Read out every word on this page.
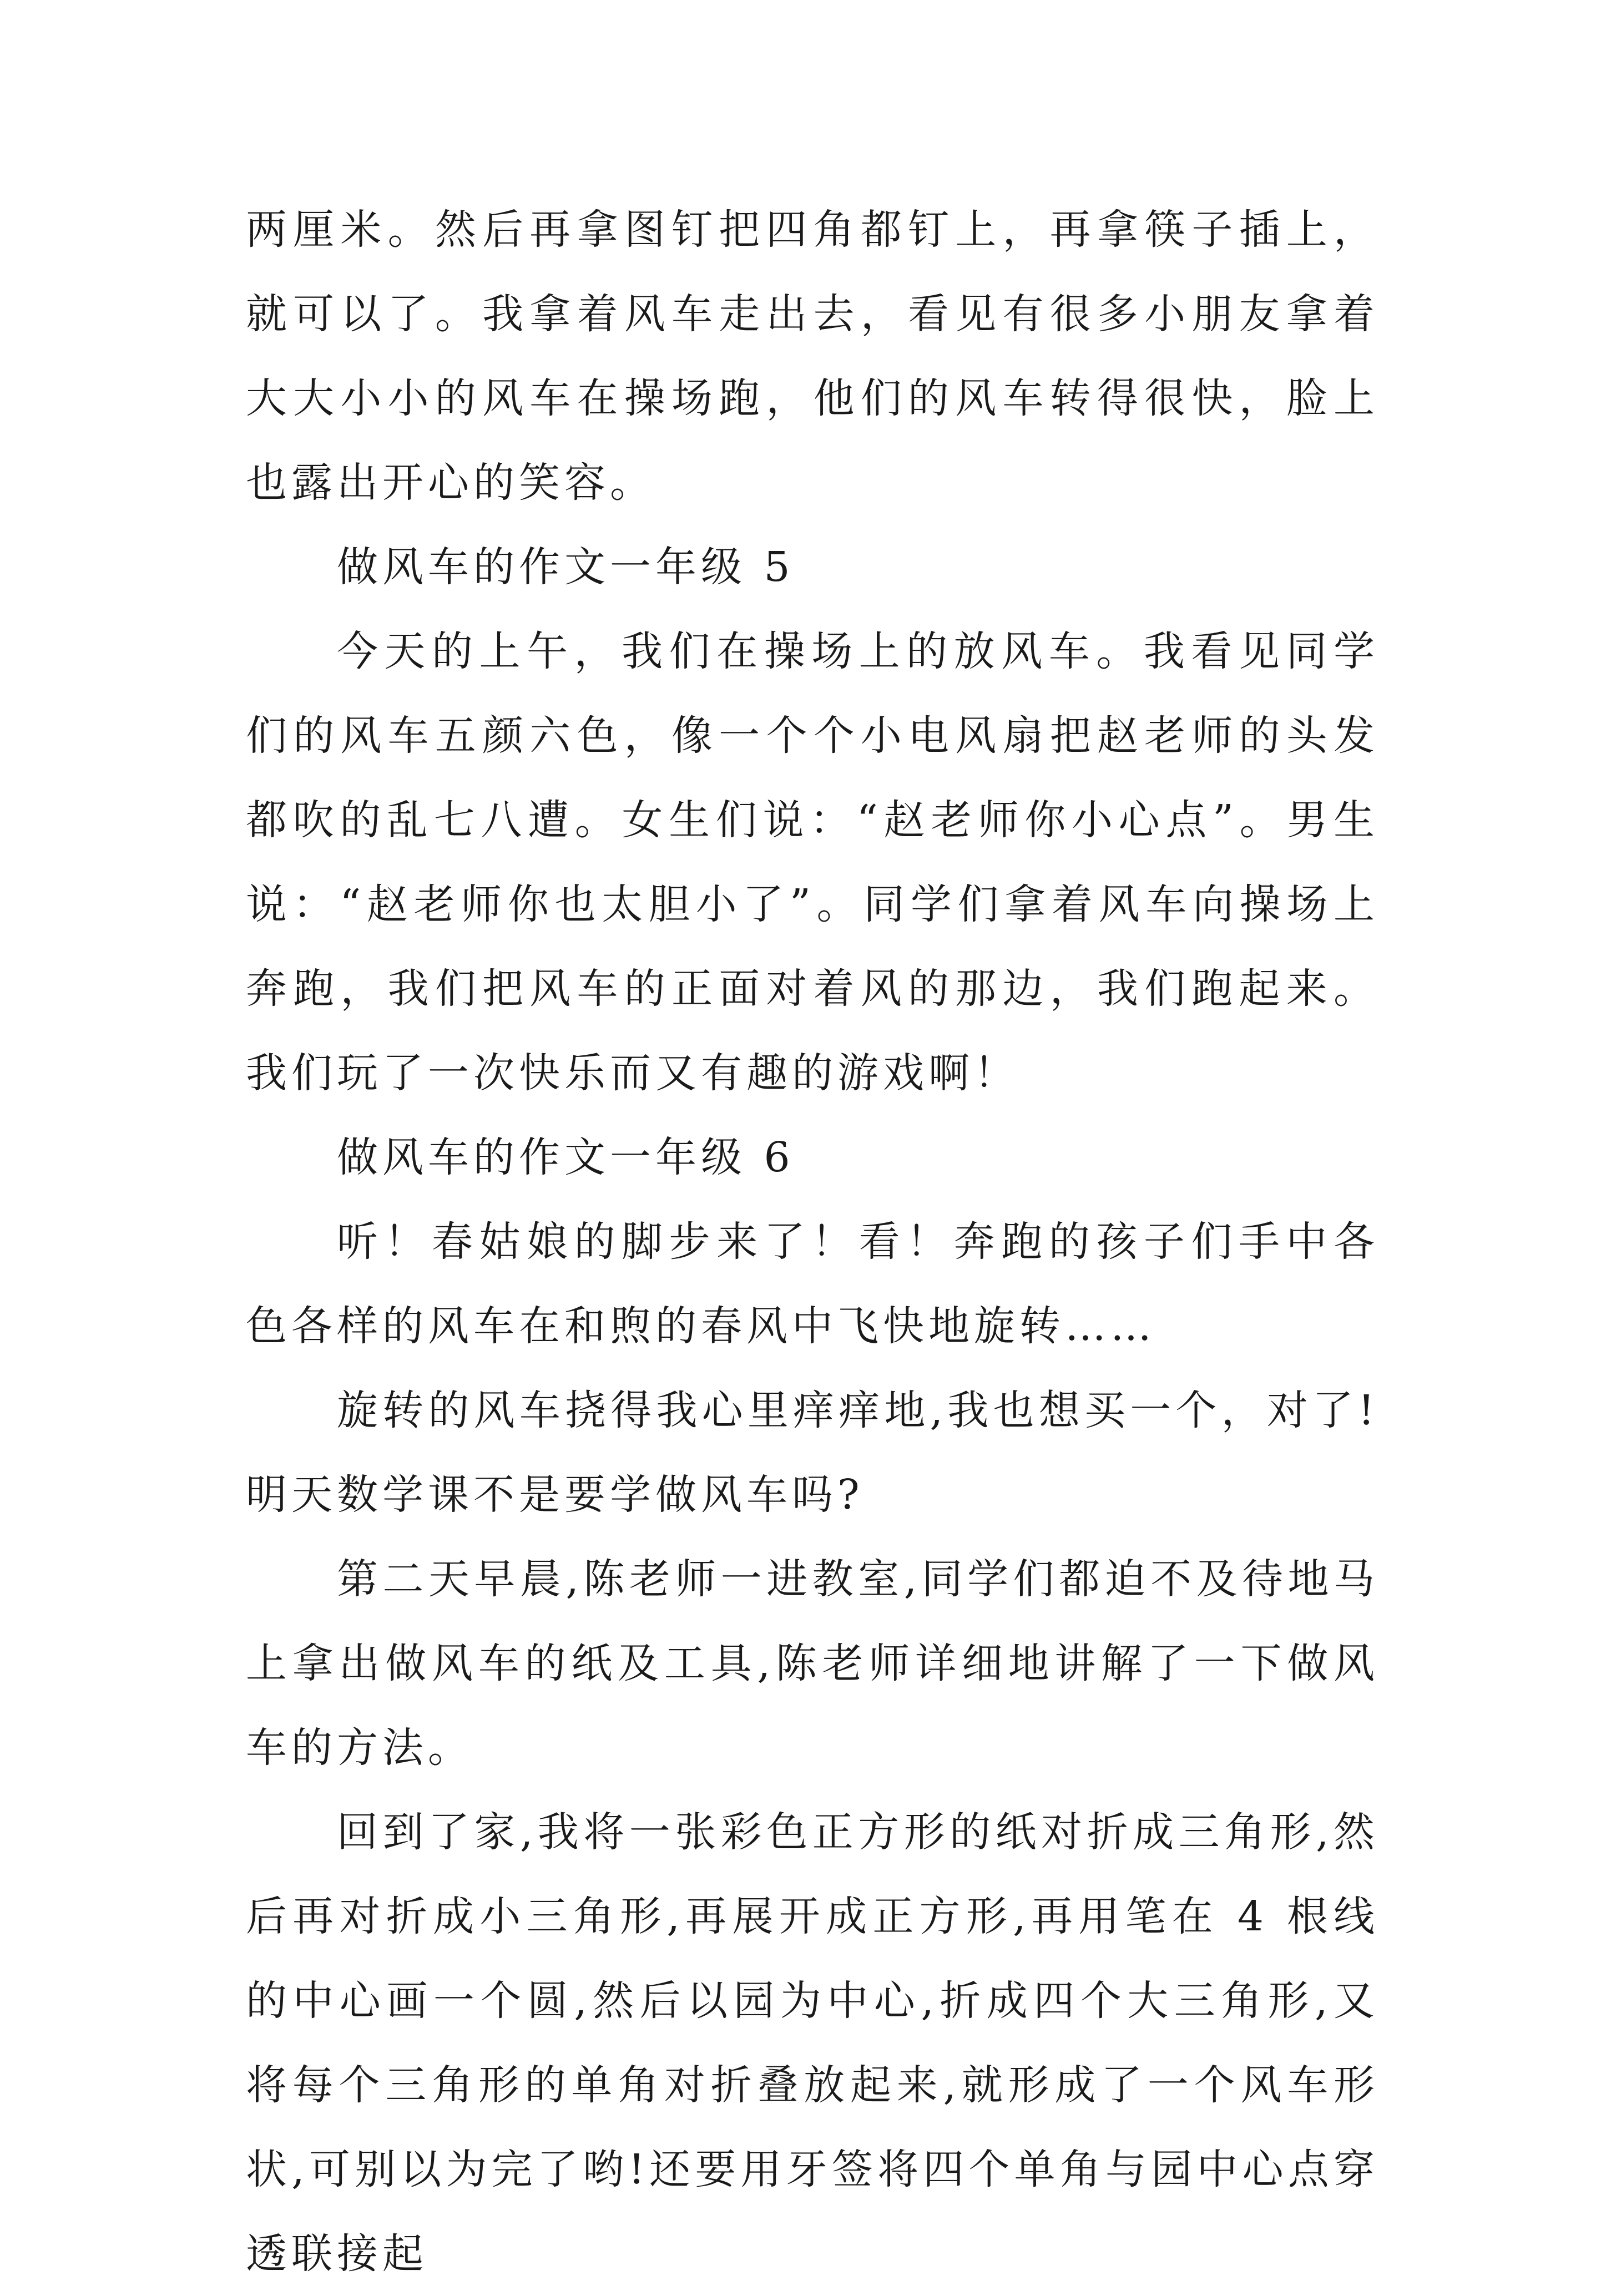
两厘米。然后再拿图钉把四角都钉上，再拿筷子插上，就可以了。我拿着风车走出去，看见有很多小朋友拿着大大小小的风车在操场跑，他们的风车转得很快，脸上也露出开心的笑容。

做风车的作文一年级 5

今天的上午，我们在操场上的放风车。我看见同学们的风车五颜六色，像一个个小电风扇把赵老师的头发都吹的乱七八遭。女生们说：“赵老师你小心点”。男生说：“赵老师你也太胆小了”。同学们拿着风车向操场上奔跑，我们把风车的正面对着风的那边，我们跑起来。我们玩了一次快乐而又有趣的游戏啊！

做风车的作文一年级 6

听！春姑娘的脚步来了！看！奔跑的孩子们手中各色各样的风车在和煦的春风中飞快地旋转……

旋转的风车挠得我心里痒痒地,我也想买一个，对了!明天数学课不是要学做风车吗?

第二天早晨,陈老师一进教室,同学们都迫不及待地马上拿出做风车的纸及工具,陈老师详细地讲解了一下做风车的方法。

回到了家,我将一张彩色正方形的纸对折成三角形,然后再对折成小三角形,再展开成正方形,再用笔在 4 根线的中心画一个圆,然后以园为中心,折成四个大三角形,又将每个三角形的单角对折叠放起来,就形成了一个风车形状,可别以为完了哟!还要用牙签将四个单角与园中心点穿透联接起
